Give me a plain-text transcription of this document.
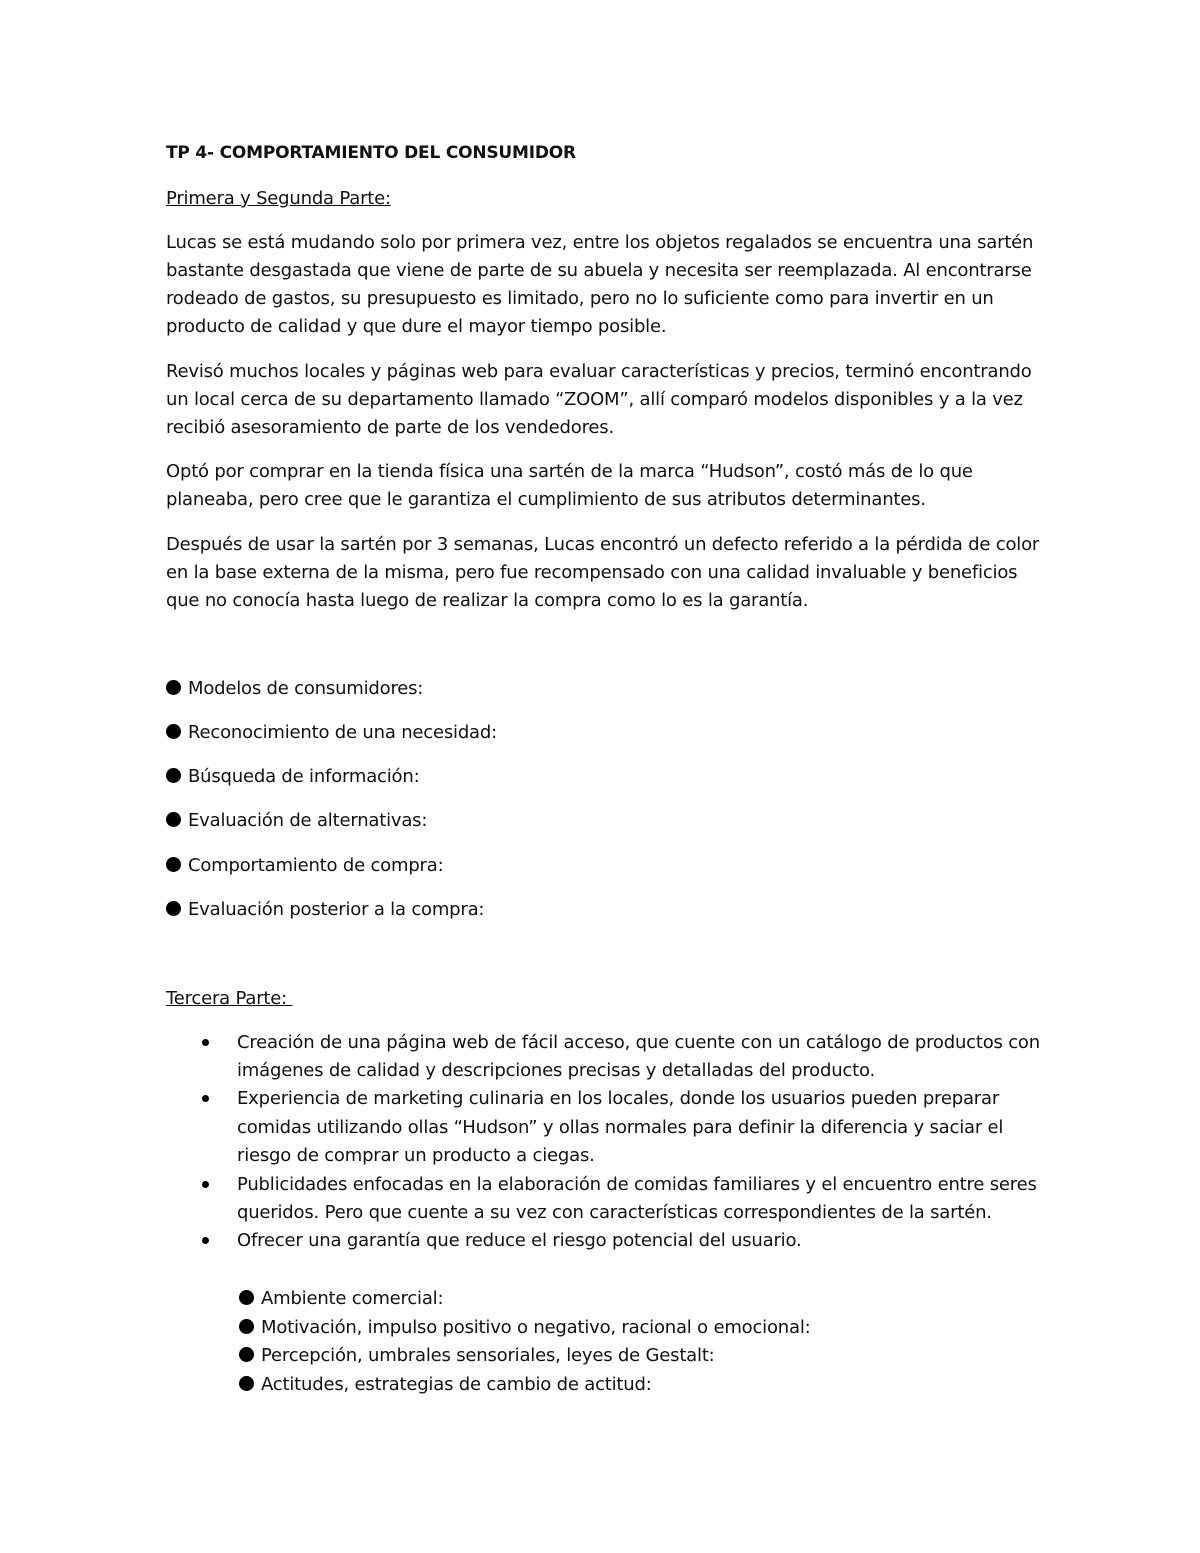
TP 4- COMPORTAMIENTO DEL CONSUMIDOR
Primera y Segunda Parte:
Lucas se está mudando solo por primera vez, entre los objetos regalados se encuentra una sartén
bastante desgastada que viene de parte de su abuela y necesita ser reemplazada. Al encontrarse
rodeado de gastos, su presupuesto es limitado, pero no lo suficiente como para invertir en un
producto de calidad y que dure el mayor tiempo posible.
Revisó muchos locales y páginas web para evaluar características y precios, terminó encontrando
un local cerca de su departamento llamado “ZOOM”, allí comparó modelos disponibles y a la vez
recibió asesoramiento de parte de los vendedores.
Optó por comprar en la tienda física una sartén de la marca “Hudson”, costó más de lo que
planeaba, pero cree que le garantiza el cumplimiento de sus atributos determinantes.
Después de usar la sartén por 3 semanas, Lucas encontró un defecto referido a la pérdida de color
en la base externa de la misma, pero fue recompensado con una calidad invaluable y beneficios
que no conocía hasta luego de realizar la compra como lo es la garantía.
Modelos de consumidores:
Reconocimiento de una necesidad:
Búsqueda de información:
Evaluación de alternativas:
Comportamiento de compra:
Evaluación posterior a la compra:
Tercera Parte:
Creación de una página web de fácil acceso, que cuente con un catálogo de productos con
imágenes de calidad y descripciones precisas y detalladas del producto.
Experiencia de marketing culinaria en los locales, donde los usuarios pueden preparar
comidas utilizando ollas “Hudson” y ollas normales para definir la diferencia y saciar el
riesgo de comprar un producto a ciegas.
Publicidades enfocadas en la elaboración de comidas familiares y el encuentro entre seres
queridos. Pero que cuente a su vez con características correspondientes de la sartén.
Ofrecer una garantía que reduce el riesgo potencial del usuario.
Ambiente comercial:
Motivación, impulso positivo o negativo, racional o emocional:
Percepción, umbrales sensoriales, leyes de Gestalt:
Actitudes, estrategias de cambio de actitud:
